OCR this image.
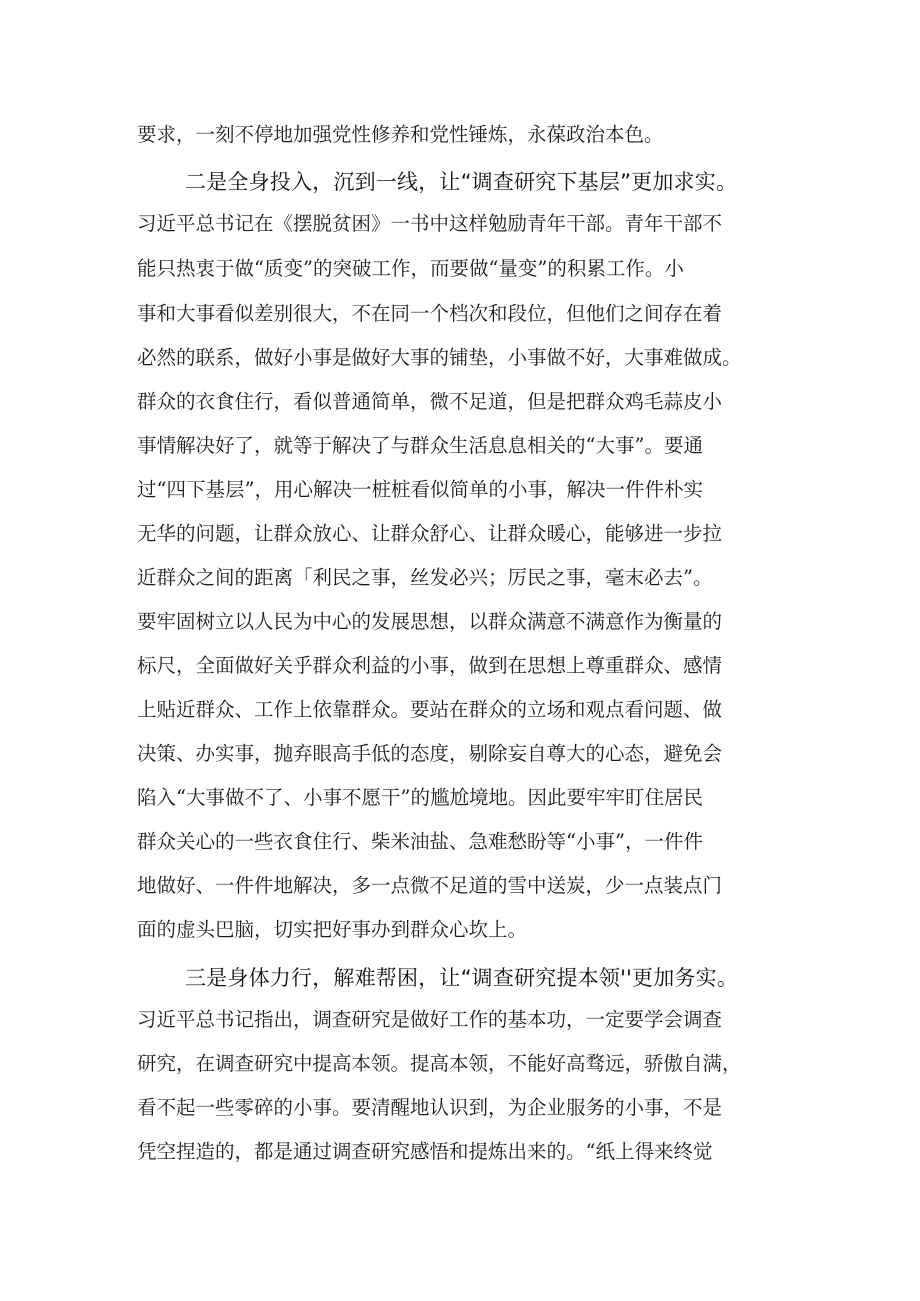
要求，一刻不停地加强党性修养和党性锤炼，永葆政治本色。
二是全身投入，沉到一线，让“调查研究下基层”更加求实。
习近平总书记在《摆脱贫困》一书中这样勉励青年干部。青年干部不
能只热衷于做“质变”的突破工作，而要做“量变”的积累工作。小
事和大事看似差别很大，不在同一个档次和段位，但他们之间存在着
必然的联系，做好小事是做好大事的铺垫，小事做不好，大事难做成。
群众的衣食住行，看似普通简单，微不足道，但是把群众鸡毛蒜皮小
事情解决好了，就等于解决了与群众生活息息相关的“大事”。要通
过“四下基层”，用心解决一桩桩看似简单的小事，解决一件件朴实
无华的问题，让群众放心、让群众舒心、让群众暖心，能够进一步拉
近群众之间的距离「利民之事，丝发必兴；厉民之事，毫末必去”。
要牢固树立以人民为中心的发展思想，以群众满意不满意作为衡量的
标尺，全面做好关乎群众利益的小事，做到在思想上尊重群众、感情
上贴近群众、工作上依靠群众。要站在群众的立场和观点看问题、做
决策、办实事，抛弃眼高手低的态度，剔除妄自尊大的心态，避免会
陷入“大事做不了、小事不愿干”的尴尬境地。因此要牢牢盯住居民
群众关心的一些衣食住行、柴米油盐、急难愁盼等“小事”，一件件
地做好、一件件地解决，多一点微不足道的雪中送炭，少一点装点门
面的虚头巴脑，切实把好事办到群众心坎上。
三是身体力行，解难帮困，让“调查研究提本领''更加务实。
习近平总书记指出，调查研究是做好工作的基本功，一定要学会调查
研究，在调查研究中提高本领。提高本领，不能好高骛远，骄傲自满，
看不起一些零碎的小事。要清醒地认识到，为企业服务的小事，不是
凭空捏造的，都是通过调查研究感悟和提炼出来的。“纸上得来终觉
